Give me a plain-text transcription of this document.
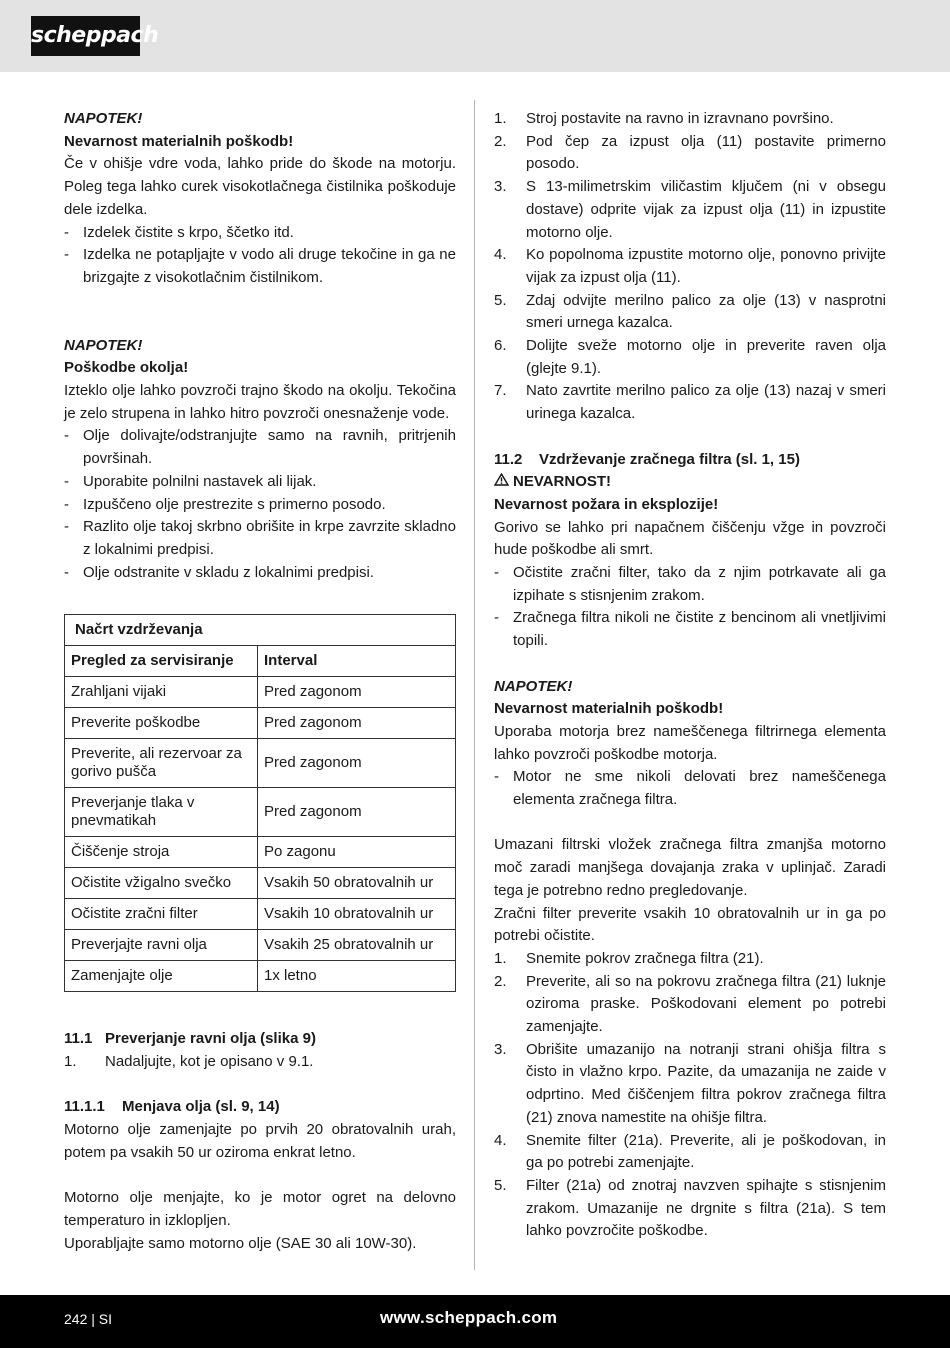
scheppach

NAPOTEK!

Nevarnost materialnih poškodb!

Če v ohišje vdre voda, lahko pride do škode na motorju. Poleg tega lahko curek visokotlačnega čistilnika poškoduje dele izdelka.

- Izdelek čistite s krpo, ščetko itd.
- Izdelka ne potapljajte v vodo ali druge tekočine in ga ne brizgajte z visokotlačnim čistilnikom.

NAPOTEK!

Poškodbe okolja!

Izteklo olje lahko povzroči trajno škodo na okolju. Tekočina je zelo strupena in lahko hitro povzroči onesnaženje vode.

- Olje dolivajte/odstranjujte samo na ravnih, pritrjenih površinah.
- Uporabite polnilni nastavek ali lijak.
- Izpuščeno olje prestrezite s primerno posodo.
- Razlito olje takoj skrbno obrišite in krpe zavrzite skladno z lokalnimi predpisi.
- Olje odstranite v skladu z lokalnimi predpisi.
Načrt vzdrževanja	
Pregled za servisiranje	Interval
Zrahljani vijaki	Pred zagonom
Preverite poškodbe	Pred zagonom
Preverite, ali rezervoar za gorivo pušča	Pred zagonom
Preverjanje tlaka v pnevmatikah	Pred zagonom
Čiščenje stroja	Po zagonu
Očistite vžigalno svečko	Vsakih 50 obratovalnih ur
Očistite zračni filter	Vsakih 10 obratovalnih ur
Preverjajte ravni olja	Vsakih 25 obratovalnih ur
Zamenjajte olje	1x letno
11.1 Preverjanje ravni olja (slika 9)
1.	Nadaljujte, kot je opisano v 9.1.
11.1.1	Menjava olja (sl. 9, 14)

Motorno olje zamenjajte po prvih 20 obratovalnih urah, potem pa vsakih 50 ur oziroma enkrat letno.

Motorno olje menjajte, ko je motor ogret na delovno temperaturo in izklopljen.

Uporabljajte samo motorno olje (SAE 30 ali 10W-30).

1.	Stroj postavite na ravno in izravnano površino.
2.	Pod čep za izpust olja (11) postavite primerno posodo.
3.	S 13-milimetrskim viličastim ključem (ni v obsegu dostave) odprite vijak za izpust olja (11) in izpustite motorno olje.
4.	Ko popolnoma izpustite motorno olje, ponovno privijte vijak za izpust olja (11).
5.	Zdaj odvijte merilno palico za olje (13) v nasprotni smeri urnega kazalca.
6.	Dolijte sveže motorno olje in preverite raven olja (glejte 9.1).
7.	Nato zavrtite merilno palico za olje (13) nazaj v smeri urinega kazalca.
11.2	Vzdrževanje zračnega filtra (sl. 1, 15)

NEVARNOST!

Nevarnost požara in eksplozije!

Gorivo se lahko pri napačnem čiščenju vžge in povzroči hude poškodbe ali smrt.

- Očistite zračni filter, tako da z njim potrkavate ali ga izpihate s stisnjenim zrakom.
- Zračnega filtra nikoli ne čistite z bencinom ali vnetljivimi topili.

NAPOTEK!

Nevarnost materialnih poškodb!

Uporaba motorja brez nameščenega filtrirnega elementa lahko povzroči poškodbe motorja.

- Motor ne sme nikoli delovati brez nameščenega elementa zračnega filtra.

Umazani filtrski vložek zračnega filtra zmanjša motorno moč zaradi manjšega dovajanja zraka v uplinjač. Zaradi tega je potrebno redno pregledovanje.

Zračni filter preverite vsakih 10 obratovalnih ur in ga po potrebi očistite.

1.	Snemite pokrov zračnega filtra (21).
2.	Preverite, ali so na pokrovu zračnega filtra (21) luknje oziroma praske. Poškodovani element po potrebi zamenjajte.
3.	Obrišite umazanijo na notranji strani ohišja filtra s čisto in vlažno krpo. Pazite, da umazanija ne zaide v odprtino. Med čiščenjem filtra pokrov zračnega filtra (21) znova namestite na ohišje filtra.
4.	Snemite filter (21a). Preverite, ali je poškodovan, in ga po potrebi zamenjajte.
5.	Filter (21a) od znotraj navzven spihajte s stisnjenim zrakom. Umazanije ne drgnite s filtra (21a). S tem lahko povzročite poškodbe.
242 | SI	www.scheppach.com
